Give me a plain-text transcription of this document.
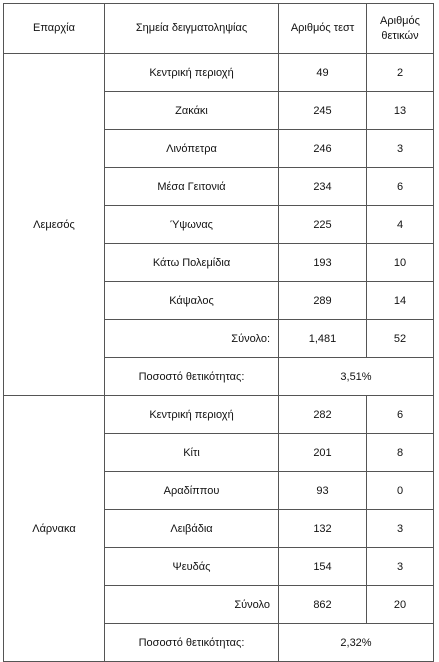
Επαρχία	Σημεία δειγματοληψίας	Αριθμός τεστ	Αριθμός θετικών
Λεμεσός	Κεντρική περιοχή	49	2
	Ζακάκι	245	13
	Λινόπετρα	246	3
	Μέσα Γειτονιά	234	6
	Ύψωνας	225	4
	Κάτω Πολεμίδια	193	10
	Κάψαλος	289	14
	Σύνολο:	1,481	52
	Ποσοστό θετικότητας:	3,51%	
Λάρνακα	Κεντρική περιοχή	282	6
	Κίτι	201	8
	Αραδίππου	93	0
	Λειβάδια	132	3
	Ψευδάς	154	3
	Σύνολο	862	20
	Ποσοστό θετικότητας:	2,32%	
